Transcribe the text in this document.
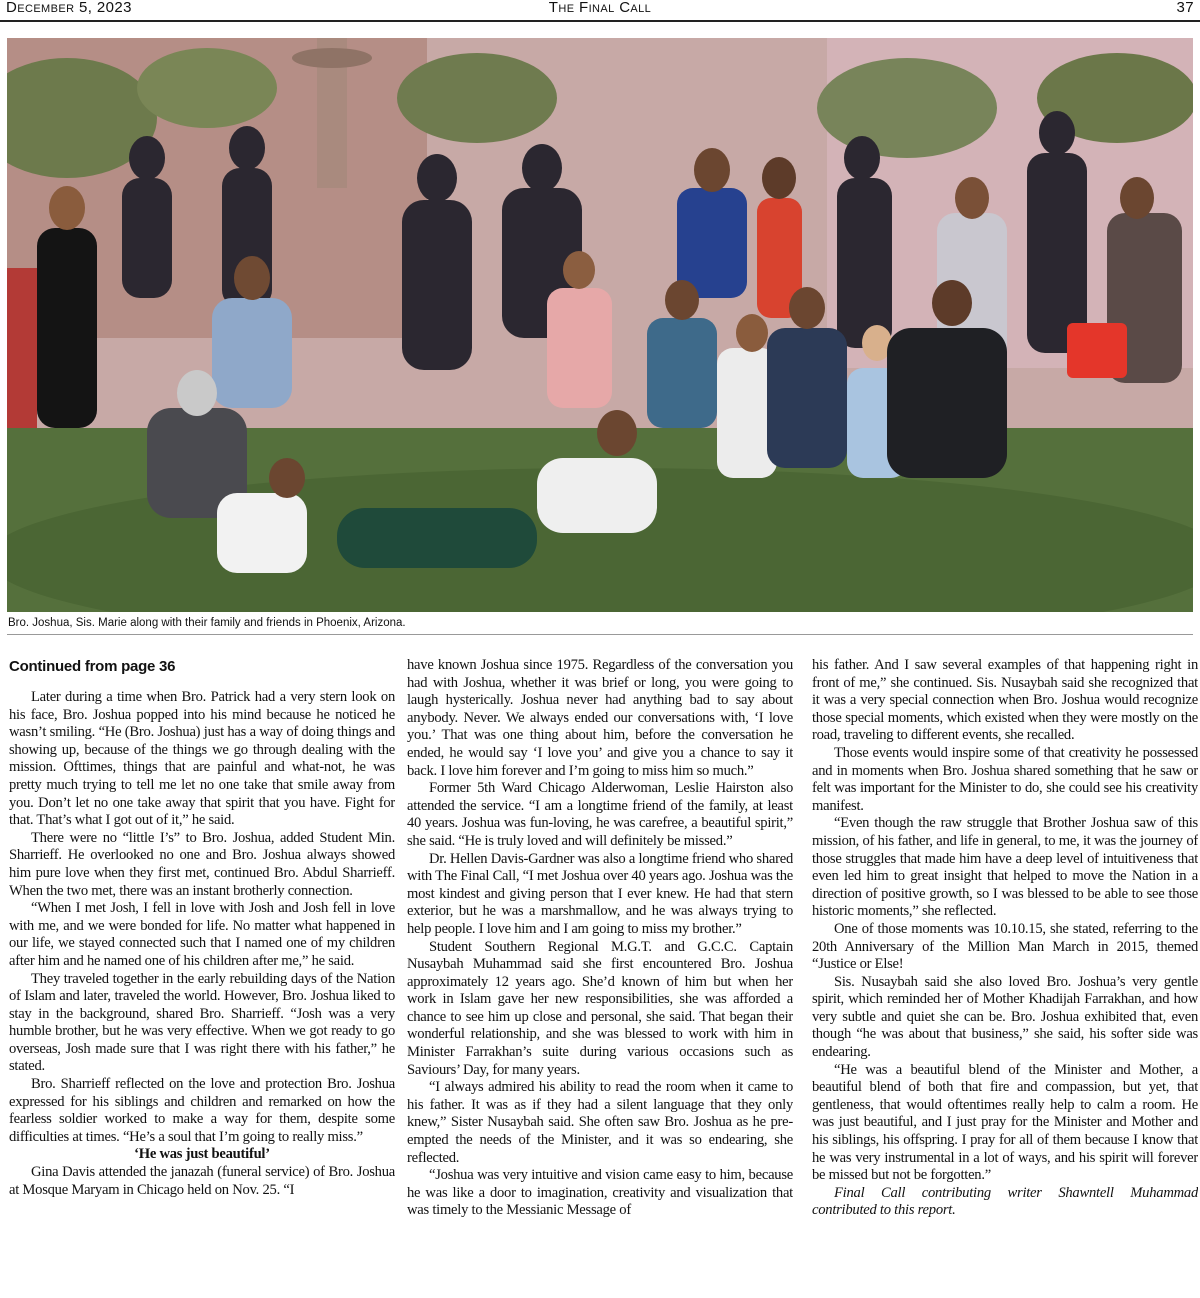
December 5, 2023	The Final Call	37
Bro. Joshua, Sis. Marie along with their family and friends in Phoenix, Arizona.
Continued from page 36

Later during a time when Bro. Patrick had a very stern look on his face, Bro. Joshua popped into his mind because he noticed he wasn’t smiling. “He (Bro. Joshua) just has a way of doing things and showing up, because of the things we go through dealing with the mission. Ofttimes, things that are painful and what-not, he was pretty much trying to tell me let no one take that smile away from you. Don’t let no one take away that spirit that you have. Fight for that. That’s what I got out of it,” he said.

There were no “little I’s” to Bro. Joshua, added Student Min. Sharrieff. He overlooked no one and Bro. Joshua always showed him pure love when they first met, continued Bro. Abdul Sharrieff. When the two met, there was an instant brotherly connection.

“When I met Josh, I fell in love with Josh and Josh fell in love with me, and we were bonded for life. No matter what happened in our life, we stayed connected such that I named one of my children after him and he named one of his children after me,” he said.

They traveled together in the early rebuilding days of the Nation of Islam and later, traveled the world. However, Bro. Joshua liked to stay in the background, shared Bro. Sharrieff. “Josh was a very humble brother, but he was very effective. When we got ready to go overseas, Josh made sure that I was right there with his father,” he stated.

Bro. Sharrieff reflected on the love and protection Bro. Joshua expressed for his siblings and children and remarked on how the fearless soldier worked to make a way for them, despite some difficulties at times. “He’s a soul that I’m going to really miss.”

‘He was just beautiful’

Gina Davis attended the janazah (funeral service) of Bro. Joshua at Mosque Maryam in Chicago held on Nov. 25. “I

have known Joshua since 1975. Regardless of the conversation you had with Joshua, whether it was brief or long, you were going to laugh hysterically. Joshua never had anything bad to say about anybody. Never. We always ended our conversations with, ‘I love you.’ That was one thing about him, before the conversation he ended, he would say ‘I love you’ and give you a chance to say it back. I love him forever and I’m going to miss him so much.”

Former 5th Ward Chicago Alderwoman, Leslie Hairston also attended the service. “I am a longtime friend of the family, at least 40 years. Joshua was fun-loving, he was carefree, a beautiful spirit,” she said. “He is truly loved and will definitely be missed.”

Dr. Hellen Davis-Gardner was also a longtime friend who shared with The Final Call, “I met Joshua over 40 years ago. Joshua was the most kindest and giving person that I ever knew. He had that stern exterior, but he was a marshmallow, and he was always trying to help people. I love him and I am going to miss my brother.”

Student Southern Regional M.G.T. and G.C.C. Captain Nusaybah Muhammad said she first encountered Bro. Joshua approximately 12 years ago. She’d known of him but when her work in Islam gave her new responsibilities, she was afforded a chance to see him up close and personal, she said. That began their wonderful relationship, and she was blessed to work with him in Minister Farrakhan’s suite during various occasions such as Saviours’ Day, for many years.

“I always admired his ability to read the room when it came to his father. It was as if they had a silent language that they only knew,” Sister Nusaybah said. She often saw Bro. Joshua as he pre-empted the needs of the Minister, and it was so endearing, she reflected.

“Joshua was very intuitive and vision came easy to him, because he was like a door to imagination, creativity and visualization that was timely to the Messianic Message of

his father. And I saw several examples of that happening right in front of me,” she continued. Sis. Nusaybah said she recognized that it was a very special connection when Bro. Joshua would recognize those special moments, which existed when they were mostly on the road, traveling to different events, she recalled.

Those events would inspire some of that creativity he possessed and in moments when Bro. Joshua shared something that he saw or felt was important for the Minister to do, she could see his creativity manifest.

“Even though the raw struggle that Brother Joshua saw of this mission, of his father, and life in general, to me, it was the journey of those struggles that made him have a deep level of intuitiveness that even led him to great insight that helped to move the Nation in a direction of positive growth, so I was blessed to be able to see those historic moments,” she reflected.

One of those moments was 10.10.15, she stated, referring to the 20th Anniversary of the Million Man March in 2015, themed “Justice or Else!

Sis. Nusaybah said she also loved Bro. Joshua’s very gentle spirit, which reminded her of Mother Khadijah Farrakhan, and how very subtle and quiet she can be. Bro. Joshua exhibited that, even though “he was about that business,” she said, his softer side was endearing.

“He was a beautiful blend of the Minister and Mother, a beautiful blend of both that fire and compassion, but yet, that gentleness, that would oftentimes really help to calm a room. He was just beautiful, and I just pray for the Minister and Mother and his siblings, his offspring. I pray for all of them because I know that he was very instrumental in a lot of ways, and his spirit will forever be missed but not be forgotten.”

Final Call contributing writer Shawntell Muhammad contributed to this report.
